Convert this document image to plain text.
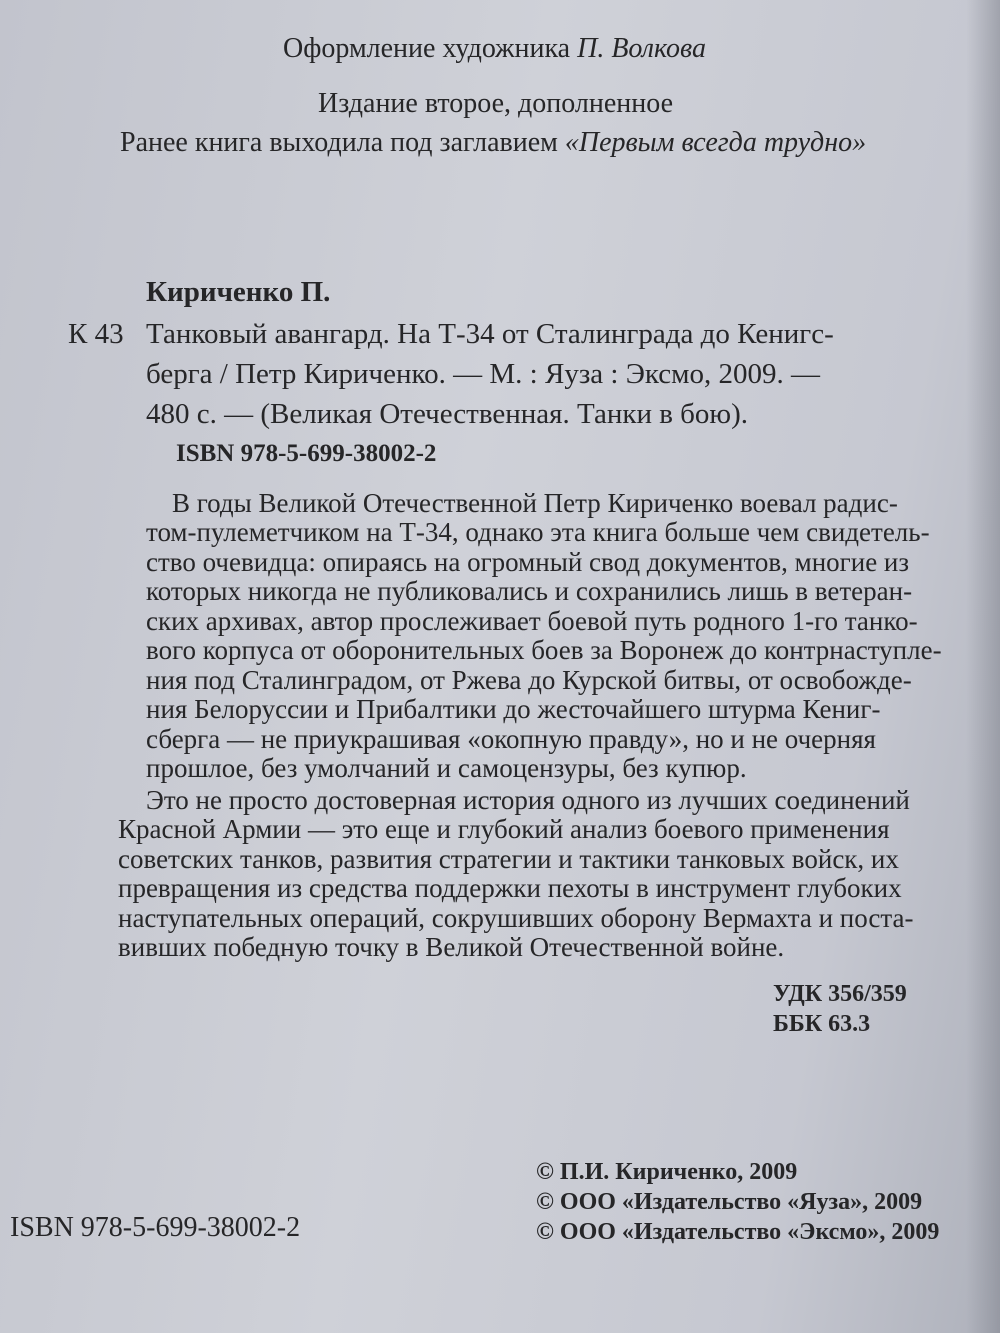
Оформление художника П. Волкова
Издание второе, дополненное
Ранее книга выходила под заглавием «Первым всегда трудно»
Кириченко П.
К 43 Танковый авангард. На Т-34 от Сталинграда до Кенигс-
берга / Петр Кириченко. — М. : Яуза : Эксмо, 2009. —
480 с. — (Великая Отечественная. Танки в бою).
ISBN 978-5-699-38002-2
В годы Великой Отечественной Петр Кириченко воевал радис-
том-пулеметчиком на Т-34, однако эта книга больше чем свидетель-
ство очевидца: опираясь на огромный свод документов, многие из
которых никогда не публиковались и сохранились лишь в ветеран-
ских архивах, автор прослеживает боевой путь родного 1-го танко-
вого корпуса от оборонительных боев за Воронеж до контрнаступле-
ния под Сталинградом, от Ржева до Курской битвы, от освобожде-
ния Белоруссии и Прибалтики до жесточайшего штурма Кениг-
сберга — не приукрашивая «окопную правду», но и не очерняя
прошлое, без умолчаний и самоцензуры, без купюр.
Это не просто достоверная история одного из лучших соединений
Красной Армии — это еще и глубокий анализ боевого применения
советских танков, развития стратегии и тактики танковых войск, их
превращения из средства поддержки пехоты в инструмент глубоких
наступательных операций, сокрушивших оборону Вермахта и поста-
вивших победную точку в Великой Отечественной войне.
УДК 356/359
ББК 63.3
ISBN 978-5-699-38002-2
© П.И. Кириченко, 2009
© ООО «Издательство «Яуза», 2009
© ООО «Издательство «Эксмо», 2009
